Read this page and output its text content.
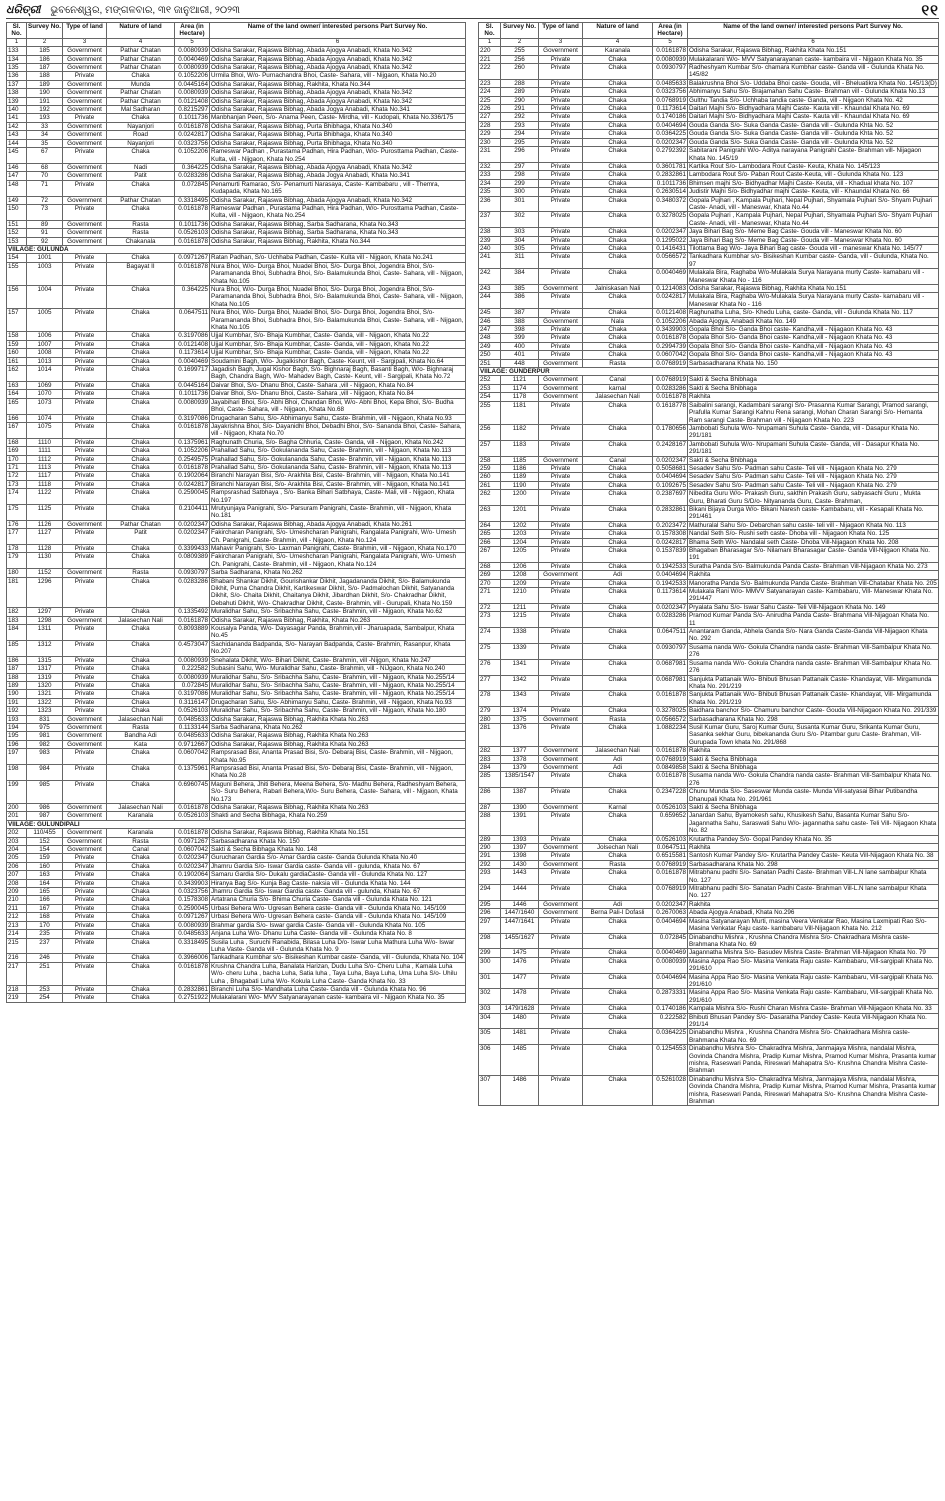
ଧରିତ୍ରୀ ଭୁବନେଶ୍ୱର, ମଙ୍ଗଳବାର, ୩୧ ଜାନୁଆରୀ, ୨୦୨୩	୧୧
Sl. No.	Survey No.	Type of land	Nature of land	Area (in Hectare)	Name of the land owner/ interested persons Part Survey No.
1	2	3	4	5	6
133	185	Government	Pathar Chatan	0.0080939	Odisha Sarakar, Rajaswa Bibhag, Abada Ajogya Anabadi, Khata No.342
134	186	Government	Pathar Chatan	0.0040469	Odisha Sarakar, Rajaswa Bibhag, Abada Ajogya Anabadi, Khata No.342
135	187	Government	Pathar Chatan	0.0080939	Odisha Sarakar, Rajaswa Bibhag, Abada Ajogya Anabadi, Khata No.342
136	188	Private	Chaka	0.1052206	Urmila Bhoi, W/o- Purnachandra Bhoi, Caste- Sahara, vill - Nijgaon, Khata No.20
137	189	Government	Munda	0.0445164	Odisha Sarakar, Rajaswa Bibhag, Rakhita, Khata No.344
138	190	Government	Pathar Chatan	0.0080939	Odisha Sarakar, Rajaswa Bibhag, Abada Ajogya Anabadi, Khata No.342
139	191	Government	Pathar Chatan	0.0121408	Odisha Sarakar, Rajaswa Bibhag, Abada Ajogya Anabadi, Khata No.342
140	192	Government	Mal Sadharan	0.8215297	Odisha Sarakar, Rajaswa Bibhag, Abada Jogya Anabadi, Khata No.341
141	193	Private	Chaka	0.1011736	Manbhanjan Peen, S/o- Anama Peen, Caste- Mirdha, vill - Kudopali, Khata No.336/175
142	33	Government	Nayanjori	0.0161878	Odisha Sarakar, Rajaswa Bibhag, Purta Bhibhaga, Khata No.340
143	34	Government	Road	0.0242817	Odisha Sarakar, Rajaswa Bibhag, Purta Bhibhaga, Khata No.340
144	35	Government	Nayanjori	0.0323756	Odisha Sarakar, Rajaswa Bibhag, Purta Bhibhaga, Khata No.340
145	67	Private	Chaka	0.1052206	Rameswar Padhan , Purastama Padhan, Hira Padhan, W/o- Purosttama Padhan, Caste- Kulta, vill - Nijgaon, Khata No.254
146	68	Government	Nadi	0.364225	Odisha Sarakar, Rajaswa Bibhag, Abada Ajogya Anabadi, Khata No.342
147	70	Government	Patit	0.0283286	Odisha Sarakar, Rajaswa Bibhag, Abada Jogya Anabadi, Khata No.341
148	71	Private	Chaka	0.072845	Penamurti Ramarao, S/o- Penamurti Narasaya, Caste- Kambabaru , vill - Themra, Kudapada, Khata No.165
149	72	Government	Pathar Chatan	0.3318495	Odisha Sarakar, Rajaswa Bibhag, Abada Ajogya Anabadi, Khata No.342
150	73	Private	Chaka	0.0161878	Rameswar Padhan , Purastama Padhan, Hira Padhan, W/o- Purosttama Padhan, Caste- Kulta, vill - Nijgaon, Khata No.254
151	89	Government	Rasta	0.1011736	Odisha Sarakar, Rajaswa Bibhag, Sarba Sadharana, Khata No.343
152	91	Government	Rasta	0.0526103	Odisha Sarakar, Rajaswa Bibhag, Sarba Sadharana, Khata No.343
153	92	Government	Chakanala	0.0161878	Odisha Sarakar, Rajaswa Bibhag, Rakhita, Khata No.344
VIILAGE: GULUNDA					
154	1001	Private	Chaka	0.0971267	Ratan Padhan, S/o- Uchhaba Padhan, Caste- Kulta vill - Nijgaon, Khata No.241
155	1003	Private	Bagayat II	0.0161878	Nura Bhoi, W/o- Durga Bhoi, Nuadei Bhoi, S/o- Durga Bhoi, Jogendra Bhoi, S/o- Paramananda Bhoi, Subhadra Bhoi, S/o- Balamukunda Bhoi, Caste- Sahara, vill - Nijgaon, Khata No.105
156	1004	Private	Chaka	0.364225	Nura Bhoi, W/o- Durga Bhoi, Nuadei Bhoi, S/o- Durga Bhoi, Jogendra Bhoi, S/o- Paramananda Bhoi, Subhadra Bhoi, S/o- Balamukunda Bhoi, Caste- Sahara, vill - Nijgaon, Khata No.105
157	1005	Private	Chaka	0.0647511	Nura Bhoi, W/o- Durga Bhoi, Nuadei Bhoi, S/o- Durga Bhoi, Jogendra Bhoi, S/o- Paramananda Bhoi, Subhadra Bhoi, S/o- Balamukunda Bhoi, Caste- Sahara, vill - Nijgaon, Khata No.105
158	1006	Private	Chaka	0.3197086	Ujjal Kumbhar, S/o- Bhaja Kumbhar, Caste- Ganda, vill - Nijgaon, Khata No.22
159	1007	Private	Chaka	0.0121408	Ujjal Kumbhar, S/o- Bhaja Kumbhar, Caste- Ganda, vill - Nijgaon, Khata No.22
160	1008	Private	Chaka	0.1173614	Ujjal Kumbhar, S/o- Bhaja Kumbhar, Caste- Ganda, vill - Nijgaon, Khata No.22
161	1013	Private	Chaka	0.0040469	Soudamini Bagh, W/o- Jugalkishor Bagh, Caste- Keunt, vill - Sargipali, Khata No.64
162	1014	Private	Chaka	0.1699717	Jagadish Bagh, Jugal Kishor Bagh, S/o- Bighnaraj Bagh, Basanti Bagh, W/o- Bighnaraj Bagh, Chandra Bagh, W/o- Mahadev Bagh, Caste- Keunt, vill - Sargipali, Khata No.72
163	1069	Private	Chaka	0.0445164	Daivar Bhoi, S/o- Dhanu Bhoi, Caste- Sahara ,vill - Nijgaon, Khata No.84
164	1070	Private	Chaka	0.1011736	Daivar Bhoi, S/o- Dhanu Bhoi, Caste- Sahara ,vill - Nijgaon, Khata No.84
165	1073	Private	Chaka	0.0080939	Jayabihari Bhoi, S/o- Abhi Bhoi, Chandan Bhoi, W/o- Abhi Bhoi, Kepa Bhoi, S/o- Budha Bhoi, Caste- Sahara, vill - Nijgaon, Khata No.68
166	1074	Private	Chaka	0.3197086	Drugacharan Sahu, S/o- Abhimanyu Sahu, Caste- Brahmin, vill - Nijgaon, Khata No.93
167	1075	Private	Chaka	0.0161878	Jayakrishna Bhoi, S/o- Dayanidhi Bhoi, Debadhi Bhoi, S/o- Sananda Bhoi, Caste- Sahara, vill - Nijgaon, Khata No.70
168	1110	Private	Chaka	0.1375961	Raghunath Churia, S/o- Bagha Chhuria, Caste- Ganda, vill - Nijgaon, Khata No.242
169	1111	Private	Chaka	0.1052206	Prahallad Sahu, S/o- Gokulananda Sahu, Caste- Brahmin, vill - Nijgaon, Khata No.113
170	1112	Private	Chaka	0.2549575	Prahallad Sahu, S/o- Gokulananda Sahu, Caste- Brahmin, vill - Nijgaon, Khata No.113
171	1113	Private	Chaka	0.0161878	Prahallad Sahu, S/o- Gokulananda Sahu, Caste- Brahmin, vill - Nijgaon, Khata No.113
172	1117	Private	Chaka	0.1902064	Biranchi Narayan Bisi, S/o- Arakhita Bisi, Caste- Brahmin, vill - Nijgaon, Khata No.141
173	1118	Private	Chaka	0.0242817	Biranchi Narayan Bisi, S/o- Arakhita Bisi, Caste- Brahmin, vill - Nijgaon, Khata No.141
174	1122	Private	Chaka	0.2590045	Rampsrashad Satbhaya , S/o- Banka Bihari Satbhaya, Caste- Mali, vill - Nijgaon, Khata No.197
175	1125	Private	Chaka	0.2104411	Mrutyunjaya Panigrahi, S/o- Parsuram Panigrahi, Caste- Brahmin, vill - Nijgaon, Khata No.181
176	1126	Government	Pathar Chatan	0.0202347	Odisha Sarakar, Rajaswa Bibhag, Abada Ajogya Anabadi, Khata No.261
177	1127	Private	Patit	0.0202347	Fakircharan Panigrahi, S/o- Umeshcharan Panigrahi, Rangalata Panigrahi, W/o- Umesh Ch. Panigrahi, Caste- Brahmin, vill - Nijgaon, Khata No.124
178	1128	Private	Chaka	0.3399433	Mahavir Panigrahi, S/o- Laxman Panigrahi, Caste- Brahmin, vill - Nijgaon, Khata No.170
179	1130	Private	Chaka	0.0809389	Fakircharan Panigrahi, S/o- Umeshcharan Panigrahi, Rangalata Panigrahi, W/o- Umesh Ch. Panigrahi, Caste- Brahmin, vill - Nijgaon, Khata No.124
180	1152	Government	Rasta	0.0930797	Sarba Sadharana, Khata No.262
181	1296	Private	Chaka	0.0283286	Bhabani Shankar Dikhit, Gourishankar Dikhit, Jagadananda Dikhit, S/o- Balamukunda Dikhit, Purna Chandra Dikhit, Kartikeswar Dikhit, S/o- Padmalochan Dikhit, Satyananda Dikhit, S/o- Chaita Dikhit, Chaitanya Dikhit, Jibardhan Dikhit, S/o- Chakradhar Dikhit, Debahuti Dikhit, W/o- Chakradhar Dikhit, Caste- Brahmin, vill - Gurupali, Khata No.159
182	1297	Private	Chaka	0.1335492	Muralidhar Sahu, S/o- Sribachha Sahu, Caste- Brahmin, vill - Nijgaon, Khata No.62
183	1298	Government	Jalasechan Nali	0.0161878	Odisha Sarakar, Rajaswa Bibhag, Rakhita, Khata No.263
184	1311	Private	Chaka	0.8093889	Kousalya Panda, W/o- Dayasagar Panda, Brahmin,vill - Jharuapada, Sambalpur, Khata No.45
185	1312	Private	Chaka	0.4573047	Sachidananda Badpanda, S/o- Narayan Badpanda, Caste- Brahmin, Rasanpur, Khata No.207
186	1315	Private	Chaka	0.0080939	Snehalata Dikhit, W/o- Bihari Dikhit, Caste- Brahmin, vill -Nijgon, Khata No.247
187	1317	Private	Chaka	0.222582	Subasini Sahu, W/o- Muralidhar Sahu, Caste- Brahmin, vill - NiJgaon, Khata No.240
188	1319	Private	Chaka	0.0080939	Muralidhar Sahu, S/o- Sribachha Sahu, Caste- Brahmin, vill - Nijgaon, Khata No.255/14
189	1320	Private	Chaka	0.072845	Muralidhar Sahu, S/o- Sribachha Sahu, Caste- Brahmin, vill - Nijgaon, Khata No.255/14
190	1321	Private	Chaka	0.3197086	Muralidhar Sahu, S/o- Sribachha Sahu, Caste- Brahmin, vill - Nijgaon, Khata No.255/14
191	1322	Private	Chaka	0.3116147	Drugacharan Sahu, S/o- Abhimanyu Sahu, Caste- Brahmin, vill - Nijgaon, Khata No.93
192	1323	Private	Chaka	0.0526103	Muralidhar Sahu, S/o- Sribachha Sahu, Caste- Brahmin, vill - Nijgaon, Khata No.180
193	831	Government	Jalasechan Nali	0.0485633	Odisha Sarakar, Rajaswa Bibhag, Rakhita Khata No.263
194	975	Government	Rasta	0.1133144	Sarba Sadharana, Khata No.262
195	981	Government	Bandha Adi	0.0485633	Odisha Sarakar, Rajaswa Bibhag, Rakhita Khata No.263
196	982	Government	Kata	0.9712667	Odisha Sarakar, Rajaswa Bibhag, Rakhita Khata No.263
197	983	Private	Chaka	0.0607042	Rampsrasad Bisi, Ananta Prasad Bisi, S/o- Debaraj Bisi, Caste- Brahmin, vill - Nijgaon, Khata No.95
198	984	Private	Chaka	0.1375961	Rampsrasad Bisi, Ananta Prasad Bisi, S/o- Debaraj Bisi, Caste- Brahmin, vill - Nijgaon, Khata No.28
199	985	Private	Chaka	0.6960745	Maguni Behera, Jhiti Behera, Meena Behera, S/o- Madhu Behera, Radheshyam Behera, S/o- Suru Behera, Rabari Behera,W/o- Suru Behera, Caste- Sahara, vill - Nijgaon, Khata No.173
200	986	Government	Jalasechan Nali	0.0161878	Odisha Sarakar, Rajaswa Bibhag, Rakhita Khata No.263
201	987	Government	Karanala	0.0526103	Shakti and Secha Bibhaga, Khata No.259
VIILAGE: GULUNDIPALI					
202	110/455	Government	Karanala	0.0161878	Odisha Sarakar, Rajaswa Bibhag, Rakhita Khata No.151
203	152	Government	Rasta	0.0971267	Sarbasadharana Khata No. 150
204	154	Government	Canal	0.0607042	Sakti & Secha Bibhaga Khata No. 148
205	159	Private	Chaka	0.0202347	Gurucharan Gardia S/o- Amar Gardia caste- Ganda Gulunda Khata No.40
206	160	Private	Chaka	0.0202347	Jhamru Gardia S/o- Iswar Gardia caste- Ganda vill - gulunda, Khata No. 67
207	163	Private	Chaka	0.1902064	Samaru Gardia S/o- Dukalu gardiaCaste- Ganda vill - Gulunda Khata No. 127
208	164	Private	Chaka	0.3439903	Hiranya Bag S/o- Kunja Bag Caste- naksia vill - Gulunda Khata No. 144
209	165	Private	Chaka	0.0323756	Jhamru Gardia S/o- Iswar Gardia caste- Ganda vill - gulunda, Khata No. 67
210	166	Private	Chaka	0.1578308	Artatrana Churia S/o- Bhima Churia Caste- Ganda vill - Gulunda Khata No. 121
211	167	Private	Chaka	0.2590045	Urbasi Behera W/o- Ugresan Behera caste- Ganda vill - Gulunda Khata No. 145/109
212	168	Private	Chaka	0.0971267	Urbasi Behera W/o- Ugresan Behera caste- Ganda vill - Gulunda Khata No. 145/109
213	170	Private	Chaka	0.0080939	Brahmar gardia S/o- Iswar gardia Caste- Ganda vill - Gulunda Khata No. 105
214	235	Private	Chaka	0.0485633	Anjana Luha W/o- Dhanu Luha Caste- Ganda vill - Gulunda Khata No. 8
215	237	Private	Chaka	0.3318495	Susila Luha , Suruchi Ranabida, Bilasa Luha D/o- Iswar Luha Mathura Luha W/o- Iswar Luha Vaste- Ganda vill - Gulunda Khata No. 9
216	246	Private	Chaka	0.3966006	Tankadhara Kumbhar s/o- Bisikeshan Kumbar caste- Ganda, vill - Gulunda, Khata No. 104
217	251	Private	Chaka	0.0161878	Krushna Chandra Luha, Banalata Harizan, Dudu Luha S/o- Cheru Luha , Kamala Luha W/o- cheru Luha , bacha Luha, Satia luha , Taya Luha, Baya Luha, Uma Luha S/o- Uhilu Luha , Bhagabati Luha W/o- Kokula Luha Caste- Ganda Khata No. 33
218	253	Private	Chaka	0.2832861	Biranchi Luha S/o- Mandhata Luha Caste- Ganda vill - Gulunda Khata No. 96
219	254	Private	Chaka	0.2751922	Mulakalarani W/o- MVV Satyanarayanan caste- kambaira vil - Nijgaon Khata No. 35
Sl. No.	Survey No.	Type of land	Nature of land	Area (in Hectare)	Name of the land owner/ interested persons Part Survey No.
1	2	3	4	5	6
220	255	Government	Karanala	0.0161878	Odisha Sarakar, Rajaswa Bibhag, Rakhita Khata No.151
221	256	Private	Chaka	0.0080939	Mulakalarani W/o- MVV Satyanarayanan caste- kambaira vil - Nijgaon Khata No. 35
222	260	Private	Chaka	0.0930797	Radheshyam Kumbar S/o- chamara Kumbhar caste- Ganda vill - Gulunda Khata No. 145/82
223	288	Private	Chaka	0.0485633	Balakrushna Bhoi S/o- Uddaba Bhoi caste- Gouda, vill - Bheluatikra Khata No. 145/13(D)
224	289	Private	Chaka	0.0323756	Abhimanyu Sahu S/o- Brajamahan Sahu Caste- Brahman vill - Gulunda Khata No.13
225	290	Private	Chaka	0.0768919	Gulthu Tandia S/o- Uchhaba tandia caste- Ganda, vill - Nijgaon Khata No. 42
226	291	Private	Chaka	0.1173614	Daitari Majhi S/o- Bidhyadhara Majhi Caste- Kauta vill - Khaundal Khata No. 69
227	292	Private	Chaka	0.1740186	Daitari Majhi S/o- Bidhyadhara Majhi Caste- Kauta vill - Khaundal Khata No. 69
228	293	Private	Chaka	0.0404694	Gouda Ganda S/o- Suka Ganda Caste- Ganda vill - Gulunda Khta No. 52
229	294	Private	Chaka	0.0364225	Gouda Ganda S/o- Suka Ganda Caste- Ganda vill - Gulunda Khta No. 52
230	295	Private	Chaka	0.0202347	Gouda Ganda S/o- Suka Ganda Caste- Ganda vill - Gulunda Khta No. 52
231	296	Private	Chaka	0.2792392	Sabitarani Panigrahi W/o- Aditya narayana Panigrahi Caste- Brahman vill- Nijagaon Khata No. 145/19
232	297	Private	Chaka	0.3601781	Kartika Rout S/o- Lambodara Rout Caste- Keuta, Khata No. 145/123
233	298	Private	Chaka	0.2832861	Lambodara Rout S/o- Paban Rout Caste-Keuta, vill - Gulunda Khata No. 123
234	299	Private	Chaka	0.1011736	Bhimsen majhi S/o- Bidhyadhar Majhi Caste- Keuta, vill - Khadual khata No. 107
235	300	Private	Chaka	0.2630514	Judistir Majhi S/o- Bidhyadhar majhi Caste- Keuta, vill - Khaundal Khata No. 66
236	301	Private	Chaka	0.3480372	Gopala Pujhari , Kampala Pujhari, Nepal Pujhari, Shyamala Pujhari S/o- Shyam Pujhari Caste- Anadi, vill - Maneswar, Khata No.44
237	302	Private	Chaka	0.3278025	Gopala Pujhari , Kampala Pujhari, Nepal Pujhari, Shyamala Pujhari S/o- Shyam Pujhari Caste- Anadi, vill - Maneswar, Khata No.44
238	303	Private	Chaka	0.0202347	Jaya Bihari Bag S/o- Meme Bag Caste- Gouda vill - Maneswar Khata No. 60
239	304	Private	Chaka	0.1295022	Jaya Bihari Bag S/o- Meme Bag Caste- Gouda vill - Maneswar Khata No. 60
240	305	Private	Chaka	0.1416431	Tilottama Bag W/o- Jaya Bihari Bag caste- Gouda vill - maneswar Khata No. 145/77
241	311	Private	Chaka	0.0566572	Tankadhara Kumbhar s/o- Bisikeshan Kumbar caste- Ganda, vill - Gulunda, Khata No. 97
242	384	Private	Chaka	0.0040469	Mulakala Bira, Raghaba W/o-Mulakala Surya Narayana murty Caste- kamabaru vill - Maneswar Khata No - 116
243	385	Government	Jalniskasan Nali	0.1214083	Odisha Sarakar, Rajaswa Bibhag, Rakhita Khata No.151
244	386	Private	Chaka	0.0242817	Mulakala Bira, Raghaba W/o-Mulakala Surya Narayana murty Caste- kamabaru vill - Maneswar Khata No - 116
245	387	Private	Chaka	0.0121408	Raghunatha Luha, S/o- Khedu Luha, caste- Ganda, vill - Gulunda Khata No. 117
246	388	Government	Nala	0.1052206	Abada Ajogya, Anabadi Khata No. 149
247	398	Private	Chaka	0.3439903	Gopala Bhoi S/o- Ganda Bhoi caste- Kandha,vill - Nijagaon Khata No. 43
248	399	Private	Chaka	0.0161878	Gopala Bhoi S/o- Ganda Bhoi caste- Kandha,vill - Nijagaon Khata No. 43
249	400	Private	Chaka	0.2994739	Gopala Bhoi S/o- Ganda Bhoi caste- Kandha,vill - Nijagaon Khata No. 43
250	401	Private	Chaka	0.0607042	Gopala Bhoi S/o- Ganda Bhoi caste- Kandha,vill - Nijagaon Khata No. 43
251	448	Government	Rasta	0.0768919	Sarbasadharana Khata No. 150
VIILAGE: GUNDERPUR					
252	1121	Government	Canal	0.0768919	Sakti & Secha Bhibhaga
253	1174	Government	karnal	0.0283286	Sakti & Secha Bhibhaga
254	1178	Government	Jalasechan Nali	0.0161878	Rakhita
255	1181	Private	Chaka	0.1618778	Saibalini sarangi, Kadambani sarangi S/o- Prasanna Kumar Sarangi, Pramod sarangi, Prafulla Kumar Sarangi Kahnu Rena sarangi, Mohan Charan Sarangi S/o- Hemanta Ram sarangi Caste- Brahman vill - Nijagaon Khata No. 223
256	1182	Private	Chaka	0.1780656	Jambobati Suhula W/o- Nrupamani Suhula Caste- Ganda, vill - Dasapur Khata No. 291/181
257	1183	Private	Chaka	0.2428167	Jambobati Suhula W/o- Nrupamani Suhula Caste- Ganda, vill - Dasapur Khata No. 291/181
258	1185	Government	Canal	0.0202347	Sakti & Secha Bhibhaga
259	1186	Private	Chaka	0.5058681	Sesadev Sahu S/o- Padman sahu Caste- Teli vill - Nijagaon Khata No. 279
260	1189	Private	Chaka	0.0404694	Sesadev Sahu S/o- Padman sahu Caste- Teli vill - Nijagaon Khata No. 279
261	1190	Private	Chaka	0.1092675	Sesadev Sahu S/o- Padman sahu Caste- Teli vill - Nijagaon Khata No. 279
262	1200	Private	Chaka	0.2387697	Nibedita Guru W/o- Prakash Guru, sakthin Prakash Guru, sabyasachi Guru , Mukta Guru, Bharati Guru S/D/o- Nityananda Guru, Caste- Brahman,
263	1201	Private	Chaka	0.2832861	Bikani Bijaya Durga W/o- Bikani Naresh caste- Kambabaru, vill - Kesapali Khata No. 291/461
264	1202	Private	Chaka	0.2023472	Mathuralal Sahu S/o- Debarchan sahu caste- teli vill - Nijagaon Khata No. 113
265	1203	Private	Chaka	0.1578308	Nandal Seth S/o- Rushi seth caste- Dhoba vill - Nijagaon Khata No. 125
266	1204	Private	Chaka	0.0242817	Bhama Seth W/o- Nandalal seth Caste- Dhoba Vill-Nijagaon Khata No. 208
267	1205	Private	Chaka	0.1537839	Bhagaban Bharasagar S/o- Nilamani Bharasagar Caste- Ganda Vill-Nijgaon Khata No. 191
268	1206	Private	Chaka	0.1942533	Suratha Panda S/o- Balmukunda Panda Caste- Brahman Vill-Nijagaon Khata No. 273
269	1208	Government	Adi	0.0404694	Rakhita
270	1209	Private	Chaka	0.1942533	Manoratha Panda S/o- Balmukunda Panda Caste- Brahman Vill-Chatabar Khata No. 205
271	1210	Private	Chaka	0.1173614	Mulakala Rani W/o- MMVV Satyanarayan caste- Kambabaru, Vill- Maneswar Khata No. 291/447
272	1211	Private	Chaka	0.0202347	Pryalata Sahu S/o- Iswar Sahu Caste- Teli Vill-Nijagaon Khata No. 149
273	1215	Private	Chaka	0.0283286	Pramod Kumar Panda S/o- Anirudha Panda Caste- Brahmana Vill-Nijagoan Khata No. 11
274	1338	Private	Chaka	0.0647511	Anantaram Ganda, Abhela Ganda S/o- Nara Ganda Caste-Ganda Vill-Nijagaon Khata No. 292
275	1339	Private	Chaka	0.0930797	Susama nanda W/o- Gokula Chandra nanda caste- Brahman Vill-Sambalpur Khata No. 276
276	1341	Private	Chaka	0.0687981	Susama nanda W/o- Gokula Chandra nanda caste- Brahman Vill-Sambalpur Khata No. 276
277	1342	Private	Chaka	0.0687981	Sanjukta Pattanaik W/o- Bhibuti Bhusan Pattanaik Caste- Khandayat, Vill- Mirgamunda Khata No. 291/219
278	1343	Private	Chaka	0.0161878	Sanjukta Pattanaik W/o- Bhibuti Bhusan Pattanaik Caste- Khandayat, Vill- Mirgamunda Khata No. 291/219
279	1374	Private	Chaka	0.3278025	Baidhara banchor S/o- Chamuru banchor Caste- Gouda Vill-Nijagaon Khata No. 291/339
280	1375	Government	Rasta	0.0566572	Sarbasadharana Khata No. 298
281	1376	Private	Chaka	1.0882234	Susil Kumar Guru, Saroj Kumar Guru, Susanta Kumar Guru, Srikanta Kumar Guru, Sasanka sekhar Guru, bibekananda Guru S/o- Pitambar guru Caste- Brahman, Vill-Gurupada Town khata No. 291/868
282	1377	Government	Jalasechan Nali	0.0161878	Rakhita
283	1378	Government	Adi	0.0768919	Sakti & Secha Bhibhaga
284	1379	Government	Adi	0.0849858	Sakti & Secha Bhibhaga
285	1385/1547	Private	Chaka	0.0161878	Susama nanda W/o- Gokula Chandra nanda caste- Brahman Vill-Sambalpur Khata No. 276
286	1387	Private	Chaka	0.2347228	Chunu Munda S/o- Saseswar Munda caste- Munda Vill-satyasai Bihar Putibandha Dhanupali Khata No. 291/961
287	1390	Government	Karnal	0.0526103	Sakti & Secha Bhibhaga
288	1391	Private	Chaka	0.659652	Janardan Sahu, Byamokesh sahu, Khusikesh Sahu, Basanta Kumar Sahu S/o- Jagannatha Sahu, Saraswati Sahu W/o- jagannatha sahu caste- Teli Vill- Nijagaon Khata No. 82
289	1393	Private	Chaka	0.0526103	Krutartha Pandey S/o- Gopal Pandey Khata No. 35
290	1397	Government	Jolsechan Nali	0.0647511	Rakhita
291	1398	Private	Chaka	0.6515581	Santosh Kumar Pandey S/o- Krutartha Pandey Caste- Keuta Vill-Nijagaon Khata No. 38
292	1430	Government	Rasta	0.0768919	Sarbasadharana Khata No. 298
293	1443	Private	Chaka	0.0161878	Mitrabhanu padhi S/o- Sanatan Padhi Caste- Brahman Vill-L.N lane sambalpur Khata No. 127
294	1444	Private	Chaka	0.0768919	Mitrabhanu padhi S/o- Sanatan Padhi Caste- Brahman Vill-L.N lane sambalpur Khata No. 127
295	1446	Government	Adi	0.0202347	Rakhita
296	1447/1640	Government	Berna Pali-I Dofasli	0.2670063	Abada Ajogya Anabadi, Khata No.296
297	1447/1641	Private	Chaka	0.0404694	Masina Satyanarayan Murti, masina Veera Venkatar Rao, Masina Laxmipati Rao S/o- Masina Venkatar Raju caste- kambabaru Vill-Nijagaon Khata No. 212
298	1455/1627	Private	Chaka	0.072845	Dinabandhu Mishra , Krushna Chandra Mishra S/o- Chakradhara Mishra caste- Brahmana Khata No. 69
299	1475	Private	Chaka	0.0040469	Jagannatha Mishra S/o- Basudev Mishra Caste- Brahman Vill-Nijagaon Khata No. 79
300	1476	Private	Chaka	0.0080939	Masina Appa Rao S/o- Masina Venkata Raju caste- Kambabaru, Vill-sargipali Khata No. 291/610
301	1477	Private	Chaka	0.0404694	Masina Appa Rao S/o- Masina Venkata Raju caste- Kambabaru, Vill-sargipali Khata No. 291/610
302	1478	Private	Chaka	0.2873331	Masina Appa Rao S/o- Masina Venkata Raju caste- Kambabaru, Vill-sargipali Khata No. 291/610
303	1479/1628	Private	Chaka	0.1740186	Kampala Mishra S/o- Rushi Charan Mishra Caste- Brahman Vill-Nijagaon Khata No. 33
304	1480	Private	Chaka	0.222582	Bhibuti Bhusan Pandey S/o- Dasaratha Pandey Caste- Keuta Vill-Nijagaon Khata No. 291/14
305	1481	Private	Chaka	0.0364225	Dinabandhu Mishra , Krushna Chandra Mishra S/o- Chakradhara Mishra caste- Brahmana Khata No. 69
306	1485	Private	Chaka	0.1254553	Dinabandhu Mishra S/o- Chakradhra Mishra, Janmajaya Mishra, nandalal Mishra, Govinda Chandra Mishra, Pradip Kumar Mishra, Pramod Kumar Mishra, Prasanta kumar mishra, Raseswari Panda, Rireswari Mahapatra S/o- Krushna Chandra Mishra Caste- Brahman
307	1486	Private	Chaka	0.5261028	Dinabandhu Mishra S/o- Chakradhra Mishra, Janmajaya Mishra, nandalal Mishra, Govinda Chandra Mishra, Pradip Kumar Mishra, Pramod Kumar Mishra, Prasanta kumar mishra, Raseswari Panda, Rireswari Mahapatra S/o- Krushna Chandra Mishra Caste- Brahman
